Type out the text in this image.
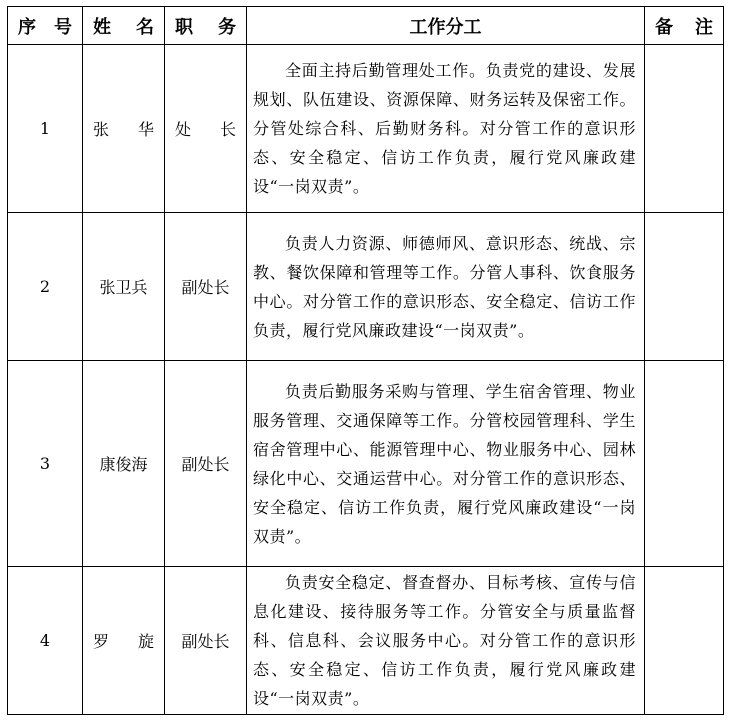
序号	姓名	职务	工作分工	备注
1	张华	处长	全面主持后勤管理处工作。负责党的建设、发展规划、队伍建设、资源保障、财务运转及保密工作。分管处综合科、后勤财务科。对分管工作的意识形态、安全稳定、信访工作负责，履行党风廉政建设“一岗双责”。	

2	张卫兵	副处长	负责人力资源、师德师风、意识形态、统战、宗教、餐饮保障和管理等工作。分管人事科、饮食服务中心。对分管工作的意识形态、安全稳定、信访工作负责，履行党风廉政建设“一岗双责”。	

3	康俊海	副处长	负责后勤服务采购与管理、学生宿舍管理、物业服务管理、交通保障等工作。分管校园管理科、学生宿舍管理中心、能源管理中心、物业服务中心、园林绿化中心、交通运营中心。对分管工作的意识形态、安全稳定、信访工作负责，履行党风廉政建设“一岗双责”。	

4	罗旋	副处长	负责安全稳定、督查督办、目标考核、宣传与信息化建设、接待服务等工作。分管安全与质量监督科、信息科、会议服务中心。对分管工作的意识形态、安全稳定、信访工作负责，履行党风廉政建设“一岗双责”。	
